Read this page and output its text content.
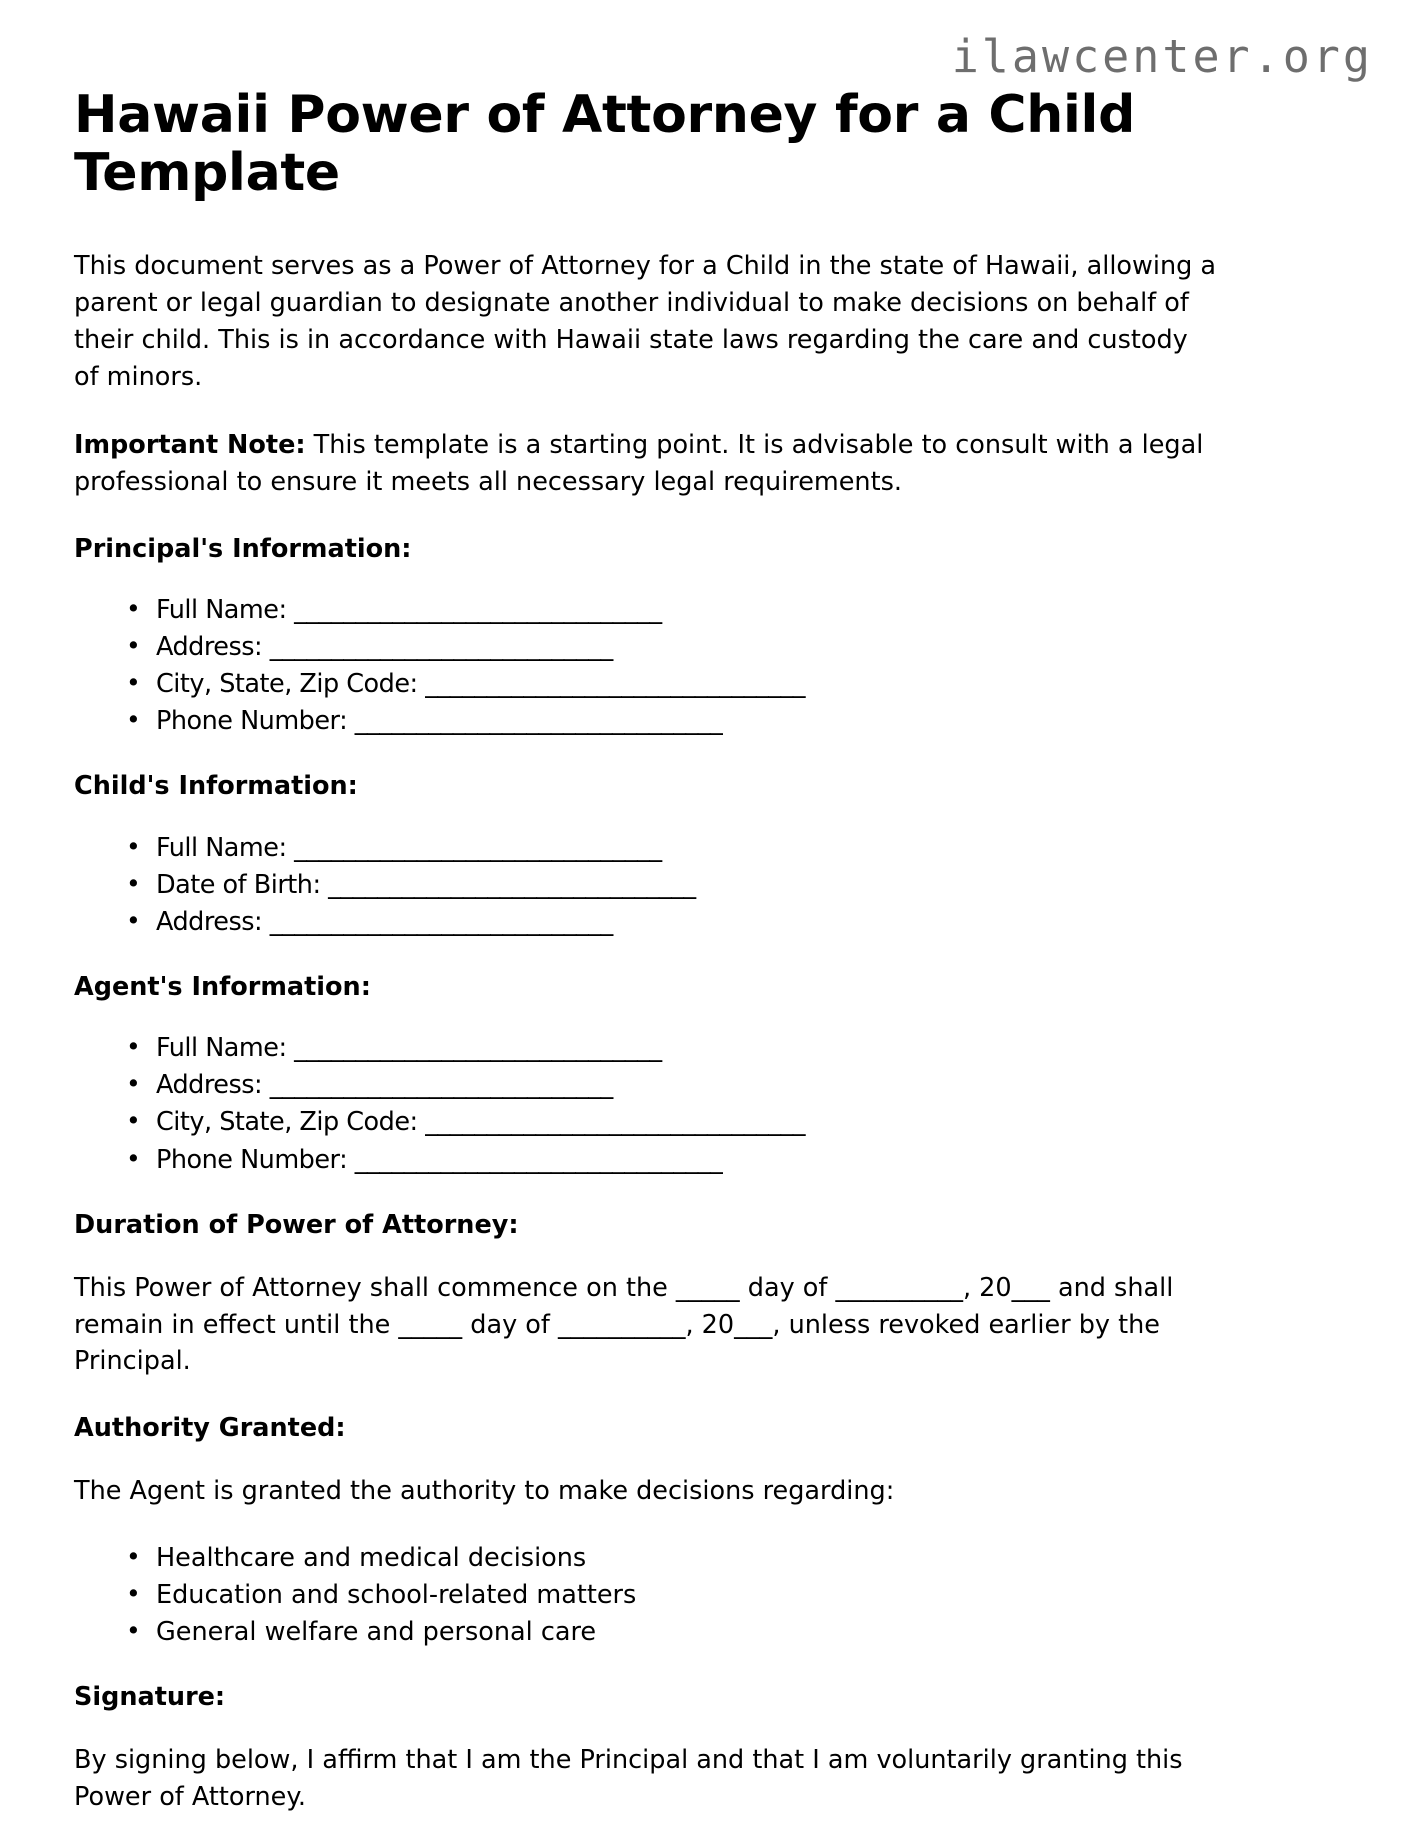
ilawcenter.org
Hawaii Power of Attorney for a Child Template

This document serves as a Power of Attorney for a Child in the state of Hawaii, allowing a parent or legal guardian to designate another individual to make decisions on behalf of their child. This is in accordance with Hawaii state laws regarding the care and custody of minors.

Important Note: This template is a starting point. It is advisable to consult with a legal professional to ensure it meets all necessary legal requirements.

Principal's Information:
• Full Name: ______________________________
• Address: ____________________________
• City, State, Zip Code: _______________________________
• Phone Number: ______________________________
Child's Information:
• Full Name: ______________________________
• Date of Birth: ______________________________
• Address: ____________________________
Agent's Information:
• Full Name: ______________________________
• Address: ____________________________
• City, State, Zip Code: _______________________________
• Phone Number: ______________________________
Duration of Power of Attorney:

This Power of Attorney shall commence on the _____ day of __________, 20___ and shall remain in effect until the _____ day of __________, 20___, unless revoked earlier by the Principal.

Authority Granted:

The Agent is granted the authority to make decisions regarding:

• Healthcare and medical decisions
• Education and school-related matters
• General welfare and personal care
Signature:

By signing below, I affirm that I am the Principal and that I am voluntarily granting this Power of Attorney.
